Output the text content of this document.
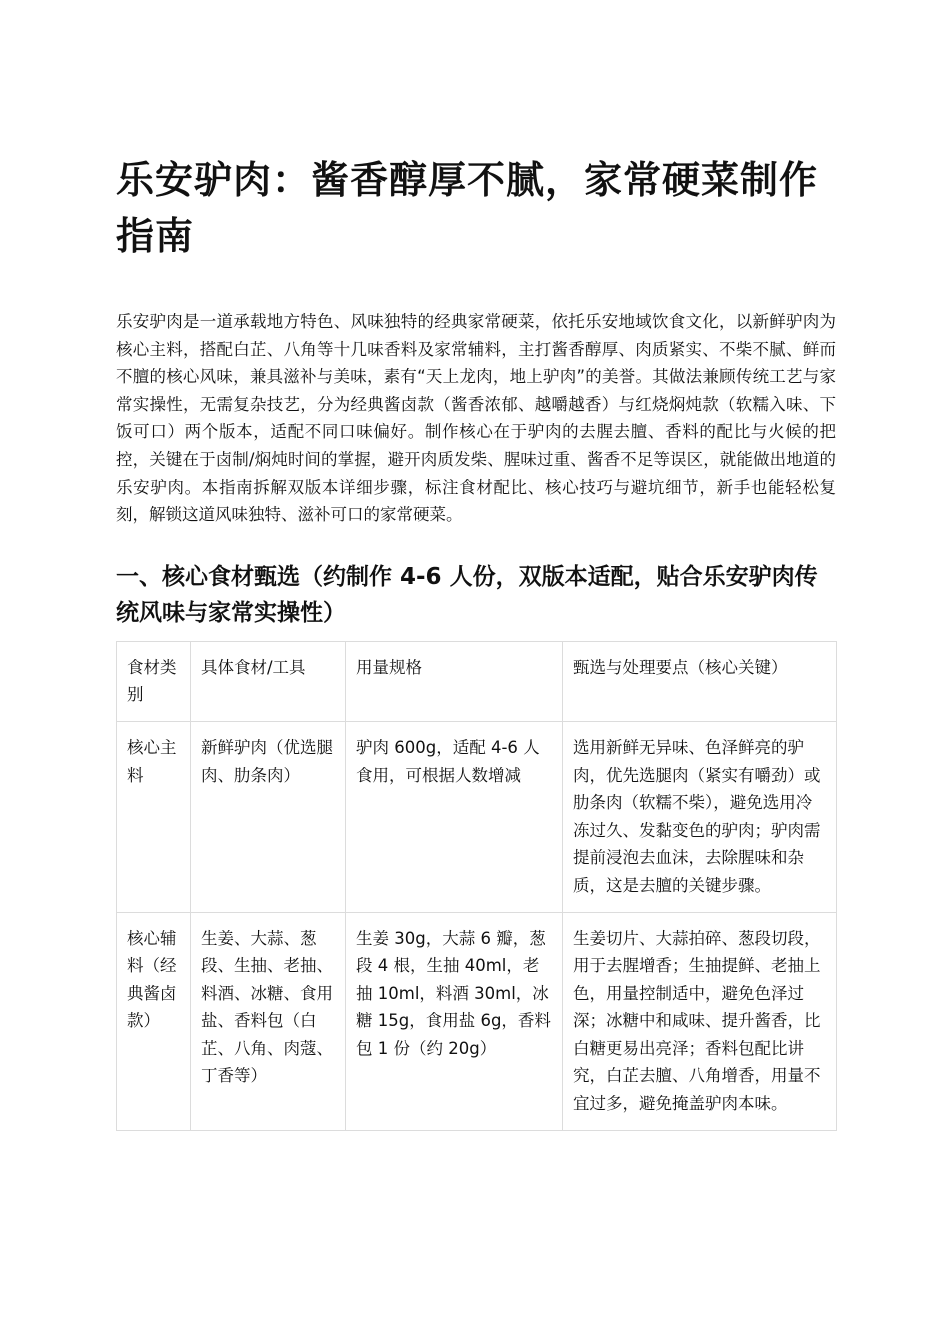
乐安驴肉：酱香醇厚不腻，家常硬菜制作指南

乐安驴肉是一道承载地方特色、风味独特的经典家常硬菜，依托乐安地域饮食文化，以新鲜驴肉为核心主料，搭配白芷、八角等十几味香料及家常辅料，主打酱香醇厚、肉质紧实、不柴不腻、鲜而不膻的核心风味，兼具滋补与美味，素有“天上龙肉，地上驴肉”的美誉。其做法兼顾传统工艺与家常实操性，无需复杂技艺，分为经典酱卤款（酱香浓郁、越嚼越香）与红烧焖炖款（软糯入味、下饭可口）两个版本，适配不同口味偏好。制作核心在于驴肉的去腥去膻、香料的配比与火候的把控，关键在于卤制/焖炖时间的掌握，避开肉质发柴、腥味过重、酱香不足等误区，就能做出地道的乐安驴肉。本指南拆解双版本详细步骤，标注食材配比、核心技巧与避坑细节，新手也能轻松复刻，解锁这道风味独特、滋补可口的家常硬菜。

一、核心食材甄选（约制作 4-6 人份，双版本适配，贴合乐安驴肉传统风味与家常实操性）
食材类别	具体食材/工具	用量规格	甄选与处理要点（核心关键）
核心主料	新鲜驴肉（优选腿肉、肋条肉）	驴肉 600g，适配 4-6 人食用，可根据人数增减	选用新鲜无异味、色泽鲜亮的驴肉，优先选腿肉（紧实有嚼劲）或肋条肉（软糯不柴），避免选用冷冻过久、发黏变色的驴肉；驴肉需提前浸泡去血沫，去除腥味和杂质，这是去膻的关键步骤。
核心辅料（经典酱卤款）	生姜、大蒜、葱段、生抽、老抽、料酒、冰糖、食用盐、香料包（白芷、八角、肉蔻、丁香等）	生姜 30g，大蒜 6 瓣，葱段 4 根，生抽 40ml，老抽 10ml，料酒 30ml，冰糖 15g，食用盐 6g，香料包 1 份（约 20g）	生姜切片、大蒜拍碎、葱段切段，用于去腥增香；生抽提鲜、老抽上色，用量控制适中，避免色泽过深；冰糖中和咸味、提升酱香，比白糖更易出亮泽；香料包配比讲究，白芷去膻、八角增香，用量不宜过多，避免掩盖驴肉本味。
